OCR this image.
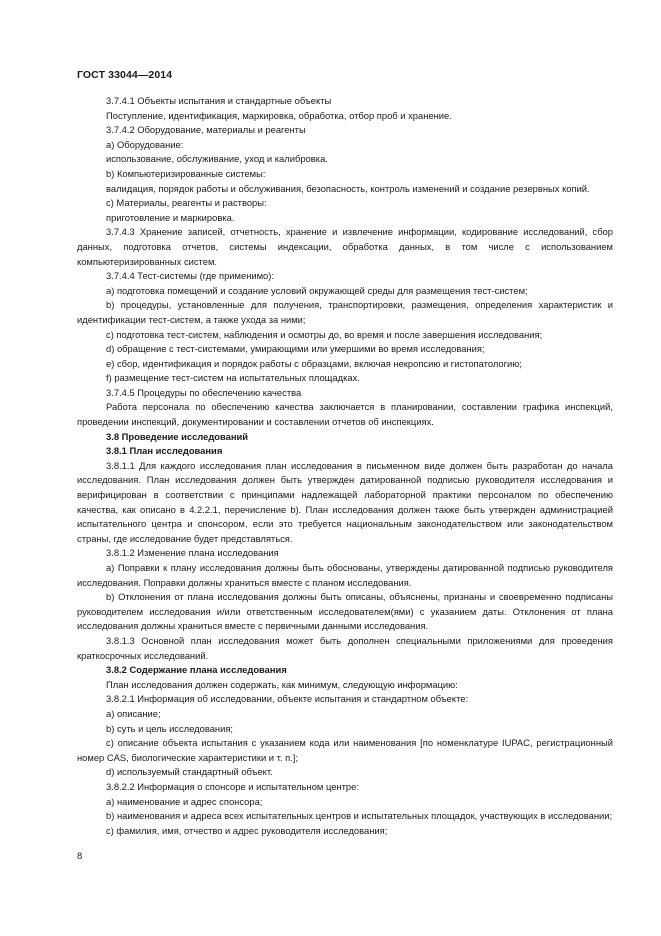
ГОСТ 33044—2014
3.7.4.1 Объекты испытания и стандартные объекты
Поступление, идентификация, маркировка, обработка, отбор проб и хранение.
3.7.4.2 Оборудование, материалы и реагенты
а) Оборудование:
использование, обслуживание, уход и калибровка.
b) Компьютеризированные системы:
валидация, порядок работы и обслуживания, безопасность, контроль изменений и создание резервных копий.
с) Материалы, реагенты и растворы:
приготовление и маркировка.
3.7.4.3 Хранение записей, отчетность, хранение и извлечение информации, кодирование исследований, сбор данных, подготовка отчетов, системы индексации, обработка данных, в том числе с использованием компьютеризированных систем.
3.7.4.4 Тест-системы (где применимо):
а) подготовка помещений и создание условий окружающей среды для размещения тест-систем;
b) процедуры, установленные для получения, транспортировки, размещения, определения характеристик и идентификации тест-систем, а также ухода за ними;
с) подготовка тест-систем, наблюдения и осмотры до, во время и после завершения исследования;
d) обращение с тест-системами, умирающими или умершими во время исследования;
е) сбор, идентификация и порядок работы с образцами, включая некропсию и гистопатологию;
f) размещение тест-систем на испытательных площадках.
3.7.4.5 Процедуры по обеспечению качества
Работа персонала по обеспечению качества заключается в планировании, составлении графика инспекций, проведении инспекций, документировании и составлении отчетов об инспекциях.
3.8 Проведение исследований
3.8.1 План исследования
3.8.1.1 Для каждого исследования план исследования в письменном виде должен быть разработан до начала исследования. План исследования должен быть утвержден датированной подписью руководителя исследования и верифицирован в соответствии с принципами надлежащей лабораторной практики персоналом по обеспечению качества, как описано в 4.2.2.1, перечисление b). План исследования должен также быть утвержден администрацией испытательного центра и спонсором, если это требуется национальным законодательством или законодательством страны, где исследование будет представляться.
3.8.1.2 Изменение плана исследования
а) Поправки к плану исследования должны быть обоснованы, утверждены датированной подписью руководителя исследования. Поправки должны храниться вместе с планом исследования.
b) Отклонения от плана исследования должны быть описаны, объяснены, признаны и своевременно подписаны руководителем исследования и/или ответственным исследователем(ями) с указанием даты. Отклонения от плана исследования должны храниться вместе с первичными данными исследования.
3.8.1.3 Основной план исследования может быть дополнен специальными приложениями для проведения краткосрочных исследований.
3.8.2 Содержание плана исследования
План исследования должен содержать, как минимум, следующую информацию:
3.8.2.1 Информация об исследовании, объекте испытания и стандартном объекте:
а) описание;
b) суть и цель исследования;
с) описание объекта испытания с указанием кода или наименования [по номенклатуре IUPAC, регистрационный номер CAS, биологические характеристики и т. п.];
d) используемый стандартный объект.
3.8.2.2 Информация о спонсоре и испытательном центре:
а) наименование и адрес спонсора;
b) наименования и адреса всех испытательных центров и испытательных площадок, участвующих в исследовании;
с) фамилия, имя, отчество и адрес руководителя исследования;
8
